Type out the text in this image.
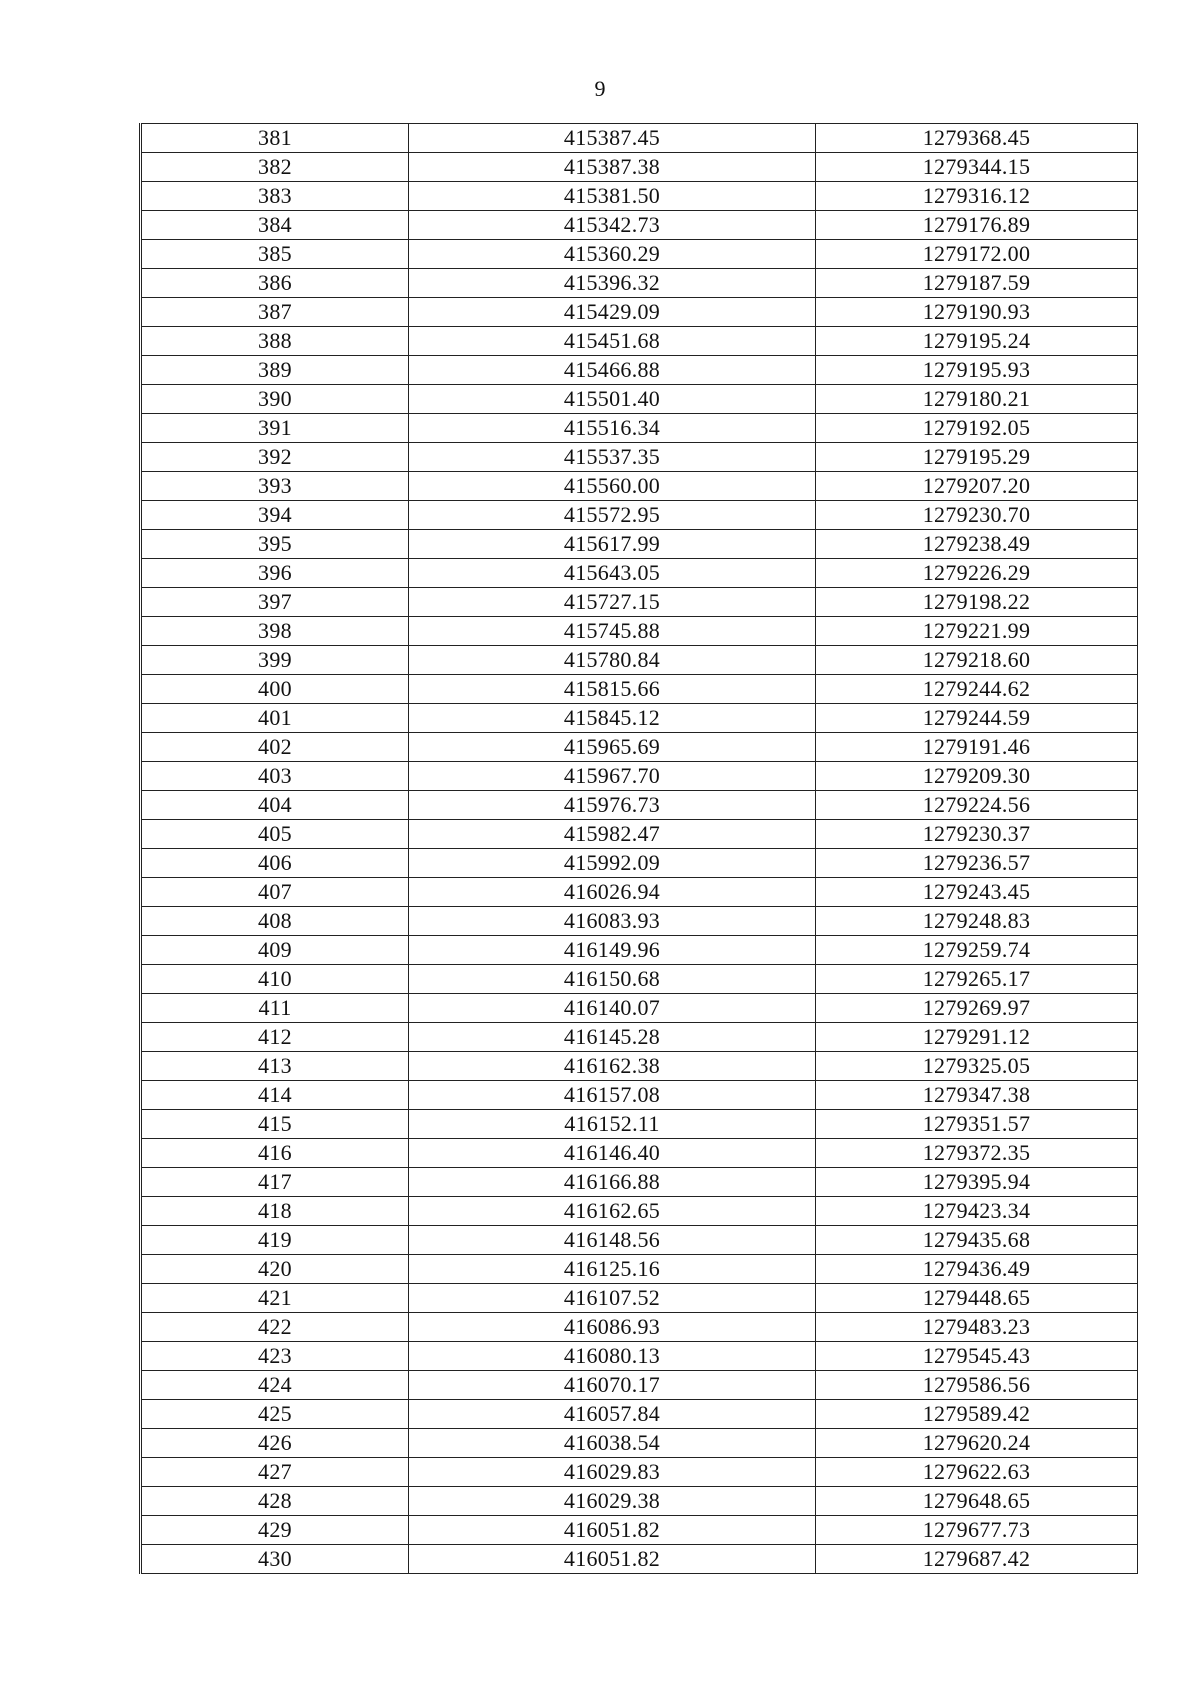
9
381	415387.45	1279368.45
382	415387.38	1279344.15
383	415381.50	1279316.12
384	415342.73	1279176.89
385	415360.29	1279172.00
386	415396.32	1279187.59
387	415429.09	1279190.93
388	415451.68	1279195.24
389	415466.88	1279195.93
390	415501.40	1279180.21
391	415516.34	1279192.05
392	415537.35	1279195.29
393	415560.00	1279207.20
394	415572.95	1279230.70
395	415617.99	1279238.49
396	415643.05	1279226.29
397	415727.15	1279198.22
398	415745.88	1279221.99
399	415780.84	1279218.60
400	415815.66	1279244.62
401	415845.12	1279244.59
402	415965.69	1279191.46
403	415967.70	1279209.30
404	415976.73	1279224.56
405	415982.47	1279230.37
406	415992.09	1279236.57
407	416026.94	1279243.45
408	416083.93	1279248.83
409	416149.96	1279259.74
410	416150.68	1279265.17
411	416140.07	1279269.97
412	416145.28	1279291.12
413	416162.38	1279325.05
414	416157.08	1279347.38
415	416152.11	1279351.57
416	416146.40	1279372.35
417	416166.88	1279395.94
418	416162.65	1279423.34
419	416148.56	1279435.68
420	416125.16	1279436.49
421	416107.52	1279448.65
422	416086.93	1279483.23
423	416080.13	1279545.43
424	416070.17	1279586.56
425	416057.84	1279589.42
426	416038.54	1279620.24
427	416029.83	1279622.63
428	416029.38	1279648.65
429	416051.82	1279677.73
430	416051.82	1279687.42
